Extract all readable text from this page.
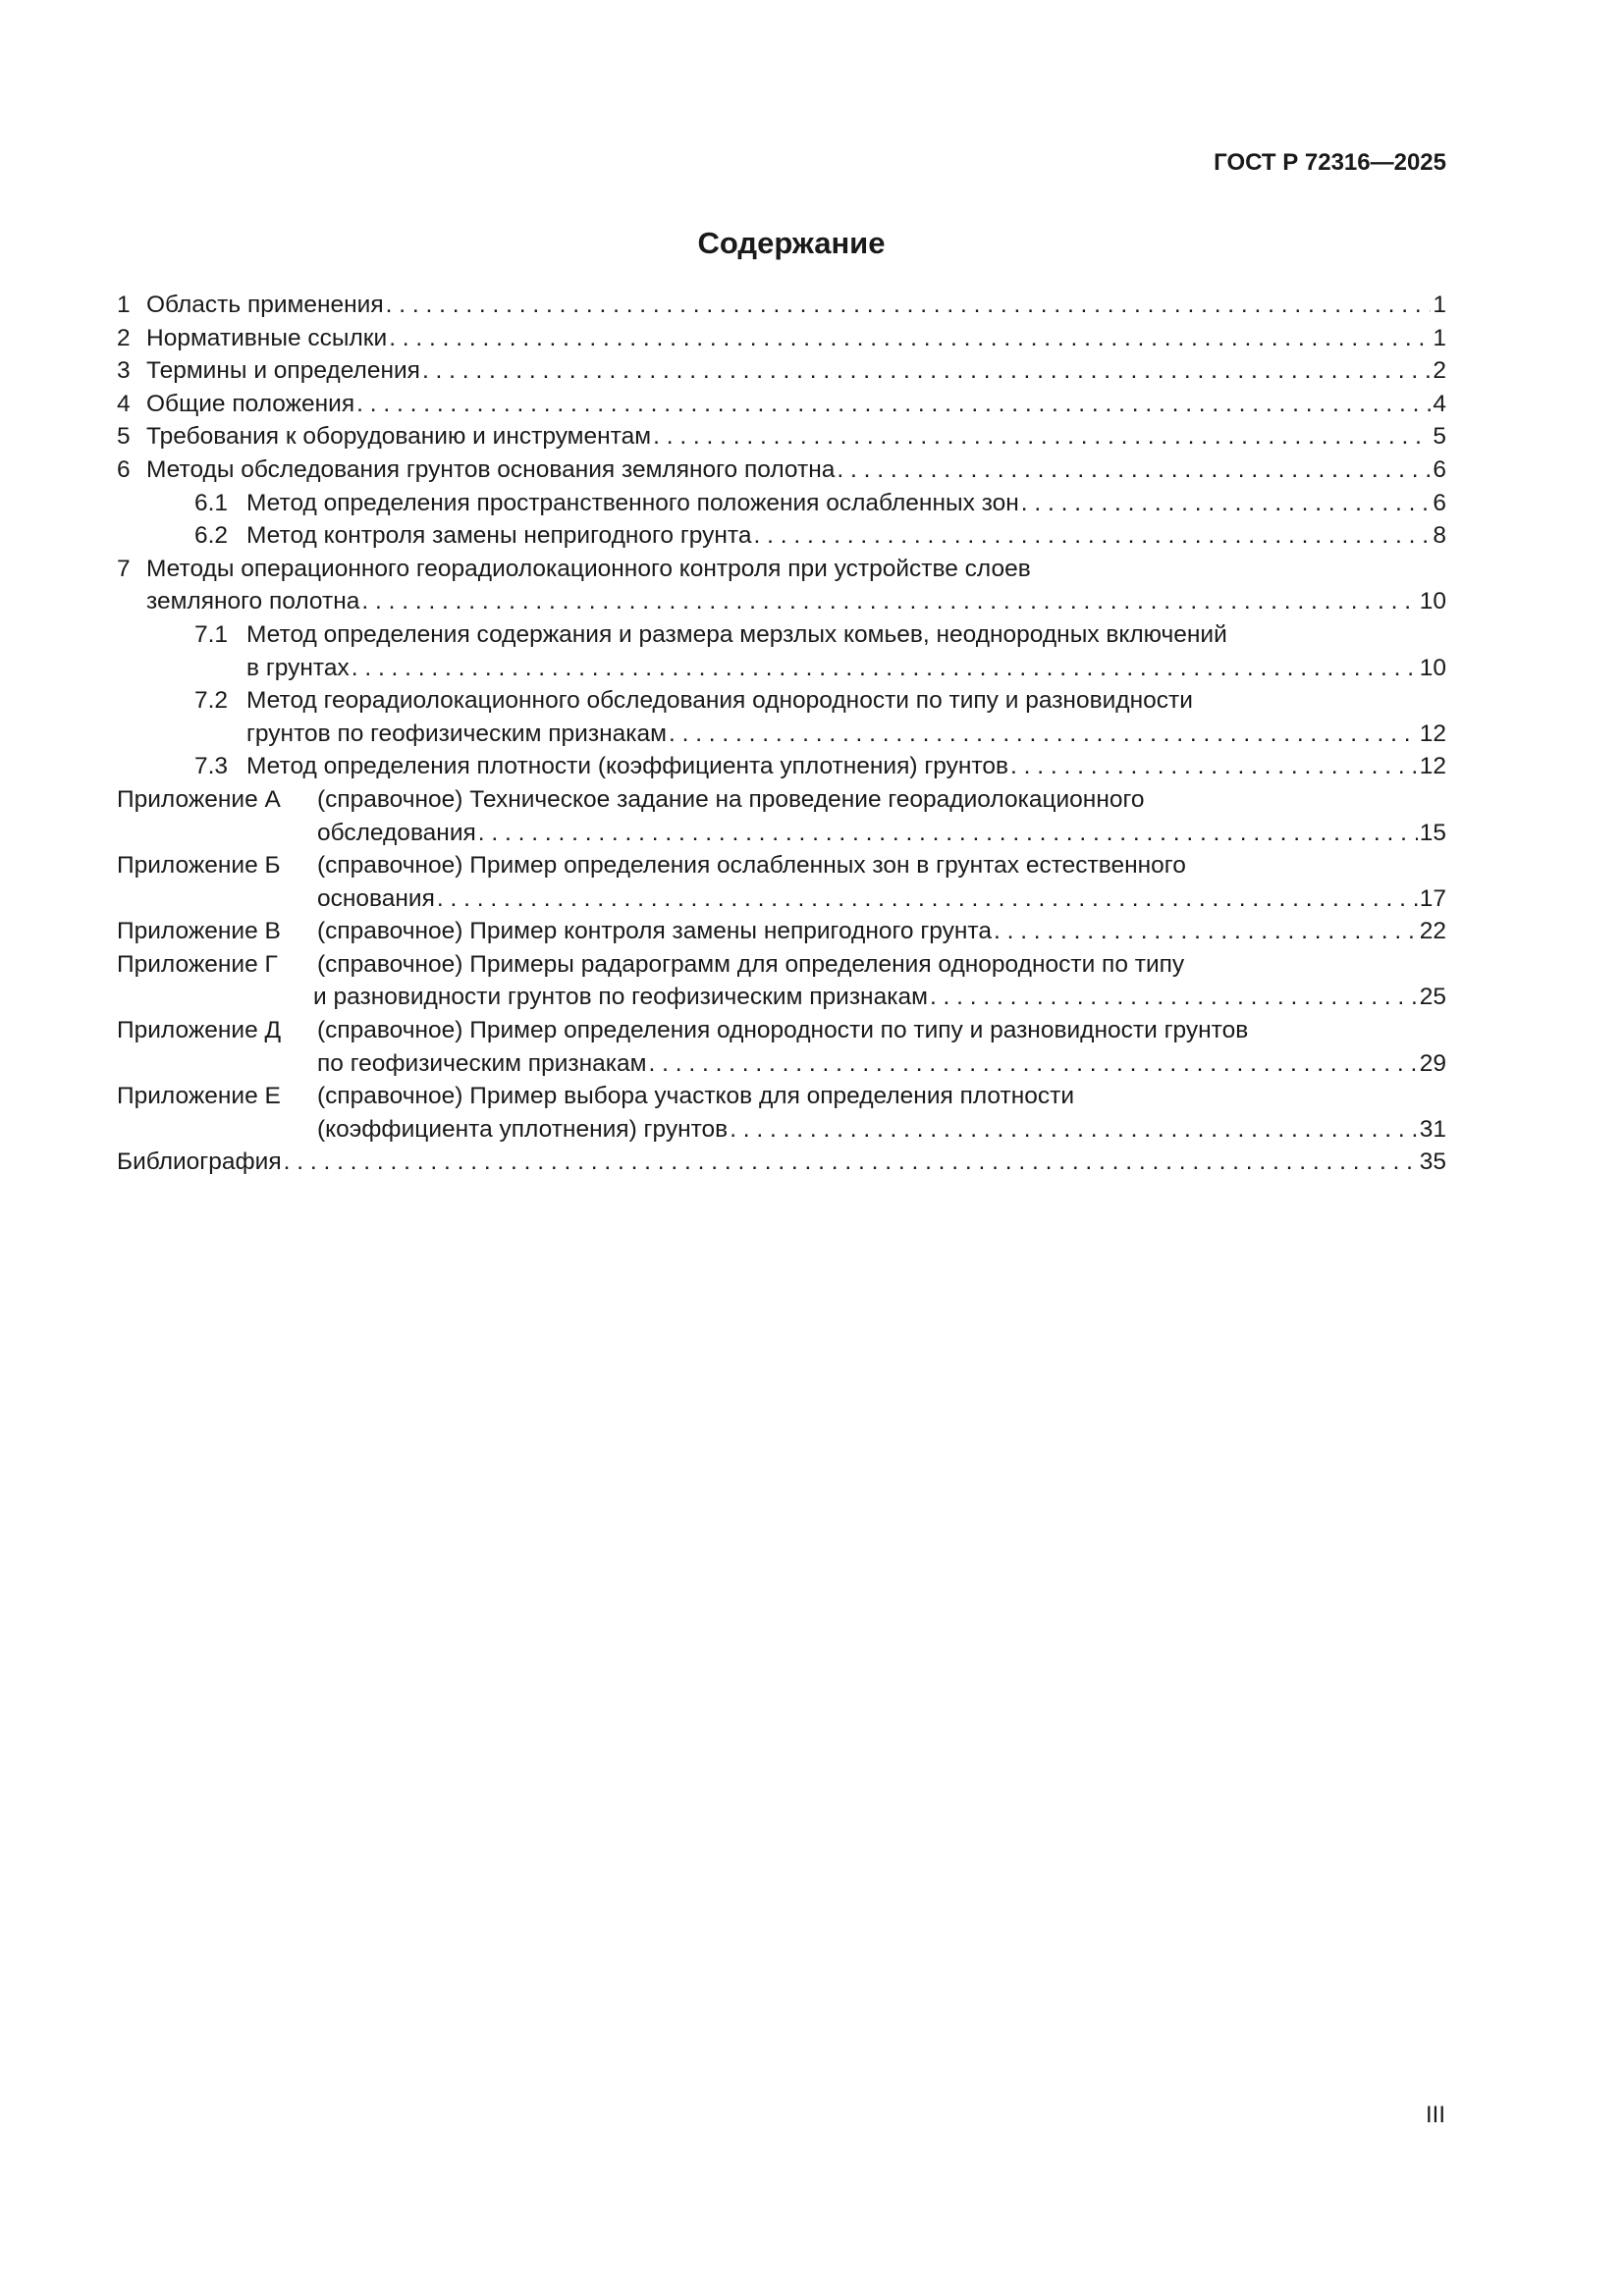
ГОСТ Р 72316—2025
Содержание
1 Область применения . . .	1
2 Нормативные ссылки . . .	1
3 Термины и определения . . .	2
4 Общие положения . . .	4
5 Требования к оборудованию и инструментам . . .	5
6 Методы обследования грунтов основания земляного полотна . . .	6
6.1 Метод определения пространственного положения ослабленных зон . . .	6
6.2 Метод контроля замены непригодного грунта . . .	8
7 Методы операционного георадиолокационного контроля при устройстве слоев
земляного полотна . . .	10
7.1 Метод определения содержания и размера мерзлых комьев, неоднородных включений
в грунтах . . .	10
7.2 Метод георадиолокационного обследования однородности по типу и разновидности
грунтов по геофизическим признакам . . .	12
7.3 Метод определения плотности (коэффициента уплотнения) грунтов . . .	12
Приложение А (справочное) Техническое задание на проведение георадиолокационного
обследования . . .	15
Приложение Б (справочное) Пример определения ослабленных зон в грунтах естественного
основания . . .	17
Приложение В	(справочное) Пример контроля замены непригодного грунта . . .	22
Приложение Г (справочное) Примеры радарограмм для определения однородности по типу
и разновидности грунтов по геофизическим признакам . . .	25
Приложение Д (справочное) Пример определения однородности по типу и разновидности грунтов
по геофизическим признакам . . .	29
Приложение Е (справочное) Пример выбора участков для определения плотности
(коэффициента уплотнения) грунтов . . .	31
Библиография . . .	35
III
